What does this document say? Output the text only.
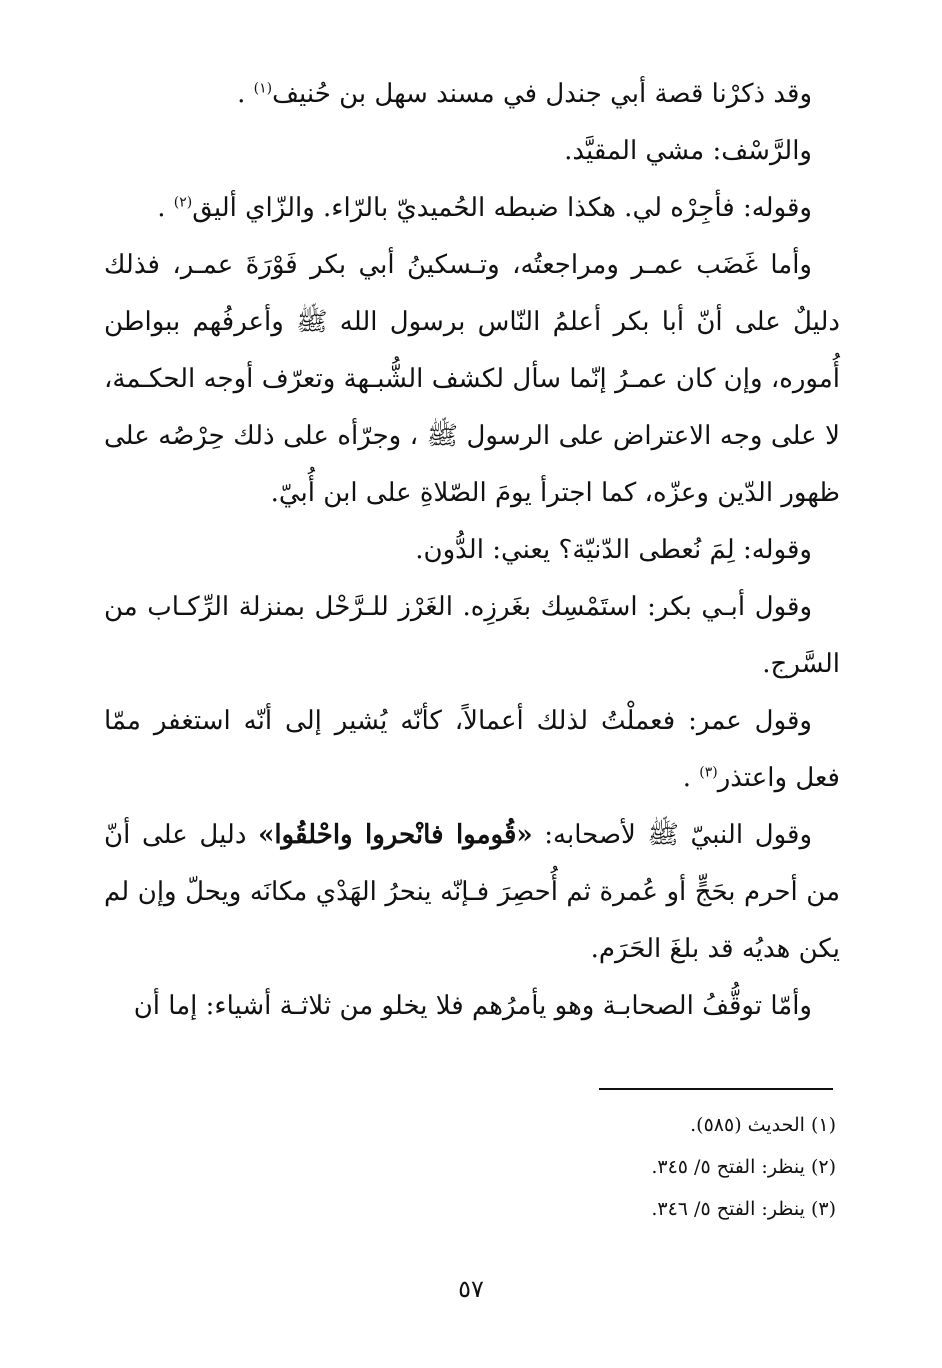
وقد ذكرْنا قصة أبي جندل في مسند سهل بن حُنيف$^{(١)}$ .

والرَّسْف: مشي المقيَّد.

وقوله: فأجِرْه لي. هكذا ضبطه الحُميديّ بالرّاء. والزّاي أليق$^{(٢)}$ .

وأما غَضَب عمـر ومراجعتُه، وتـسكينُ أبي بكر فَوْرَةَ عمـر، فذلك دليلٌ على أنّ أبا بكر أعلمُ النّاس برسول الله ﷺ وأعرفُهم ببواطن أُموره، وإن كان عمـرُ إنّما سأل لكشف الشُّبـهة وتعرّف أوجه الحكـمة، لا على وجه الاعتراض على الرسول ﷺ ، وجرّأه على ذلك حِرْصُه على ظهور الدّين وعزّه، كما اجترأ يومَ الصّلاةِ على ابن أُبيّ.

وقوله: لِمَ نُعطى الدّنيّة؟ يعني: الدُّون.

وقول أبـي بكر: استَمْسِك بغَرزِه. الغَرْز للـرَّحْل بمنزلة الرِّكـاب من السَّرج.

وقول عمر: فعملْتُ لذلك أعمالاً، كأنّه يُشير إلى أنّه استغفر ممّا فعل واعتذر$^{(٣)}$ .

وقول النبيّ ﷺ لأصحابه: «قُوموا فانْحروا واحْلقُوا» دليل على أنّ من أحرم بحَجٍّ أو عُمرة ثم أُحصِرَ فـإنّه ينحرُ الهَدْي مكانَه ويحلّ وإن لم يكن هديُه قد بلغَ الحَرَم.

وأمّا توقُّفُ الصحابـة وهو يأمرُهم فلا يخلو من ثلاثـة أشياء: إما أن

(١) الحديث (٥٨٥).

(٢) ينظر: الفتح ٥/ ٣٤٥.

(٣) ينظر: الفتح ٥/ ٣٤٦.

٥٧
